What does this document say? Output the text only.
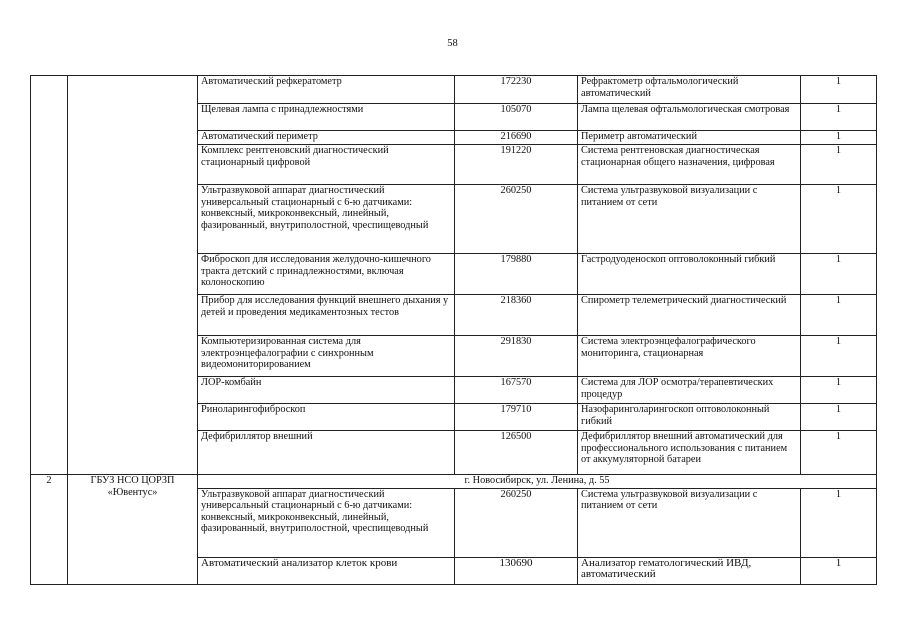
58
		Автоматический рефкератометр	172230	Рефрактометр офтальмологический автоматический	1
		Щелевая лампа с принадлежностями	105070	Лампа щелевая офтальмологическая смотровая	1
		Автоматический периметр	216690	Периметр автоматический	1
		Комплекс рентгеновский диагностический стационарный цифровой	191220	Система рентгеновская диагностическая стационарная общего назначения, цифровая	1
		Ультразвуковой аппарат диагностический универсальный стационарный с 6-ю датчиками: конвексный, микроконвексный, линейный, фазированный, внутриполостной, чреспищеводный	260250	Система ультразвуковой визуализации с питанием от сети	1
		Фиброскоп для исследования желудочно-кишечного тракта детский с принадлежностями, включая колоноскопию	179880	Гастродуоденоскоп оптоволоконный гибкий	1
		Прибор для исследования функций внешнего дыхания у детей и проведения медикаментозных тестов	218360	Спирометр телеметрический диагностический	1
		Компьютеризированная система для электроэнцефалографии с синхронным видеомониторированием	291830	Система электроэнцефалографического мониторинга, стационарная	1
		ЛОР-комбайн	167570	Система для ЛОР осмотра/терапевтических процедур	1
		Риноларингофиброскоп	179710	Назофаринголарингоскоп оптоволоконный гибкий	1
		Дефибриллятор внешний	126500	Дефибриллятор внешний автоматический для профессионального использования с питанием от аккумуляторной батареи	1
2	ГБУЗ НСО ЦОРЗП «Ювентус»	г. Новосибирск, ул. Ленина, д. 55			
		Ультразвуковой аппарат диагностический универсальный стационарный с 6-ю датчиками: конвексный, микроконвексный, линейный, фазированный, внутриполостной, чреспищеводный	260250	Система ультразвуковой визуализации с питанием от сети	1
		Автоматический анализатор клеток крови	130690	Анализатор гематологический ИВД, автоматический	1
